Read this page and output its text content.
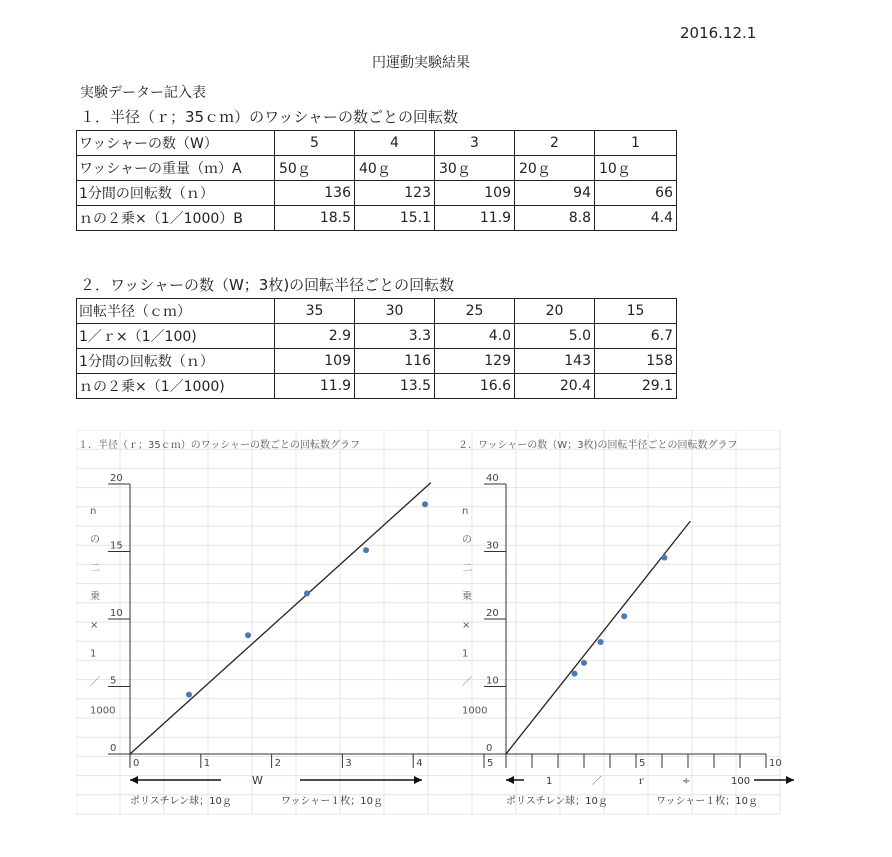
2016.12.1
円運動実験結果
実験データー記入表
１．半径（ｒ；35ｃｍ）のワッシャーの数ごとの回転数
ワッシャーの数（W）	5	4	3	2	1
ワッシャーの重量（ｍ）A	50ｇ	40ｇ	30ｇ	20ｇ	10ｇ
1分間の回転数（ｎ）	136	123	109	94	66
ｎの２乗×（1／1000）B	18.5	15.1	11.9	8.8	4.4
２．ワッシャーの数（W；3枚)の回転半径ごとの回転数
回転半径（ｃｍ）	35	30	25	20	15
1／ｒ×（1／100)	2.9	3.3	4.0	5.0	6.7
1分間の回転数（ｎ）	109	116	129	143	158
ｎの２乗×（1／1000)	11.9	13.5	16.6	20.4	29.1
１．半径（ｒ；35ｃｍ）のワッシャーの数ごとの回転数グラフ
0
5
10
15
20
0	1	2	3	4	5
n
の
二
乗
×
1
／
1000
ポリスチレン球；10ｇ	ワッシャー１枚；10ｇ
W
２．ワッシャーの数（W；3枚)の回転半径ごとの回転数グラフ
0
10
20
30
40
5	10
n
の
二
乗
×
1
／
1000
ポリスチレン球；10ｇ	ワッシャー１枚；10ｇ
1	／	ｒ	÷	100
